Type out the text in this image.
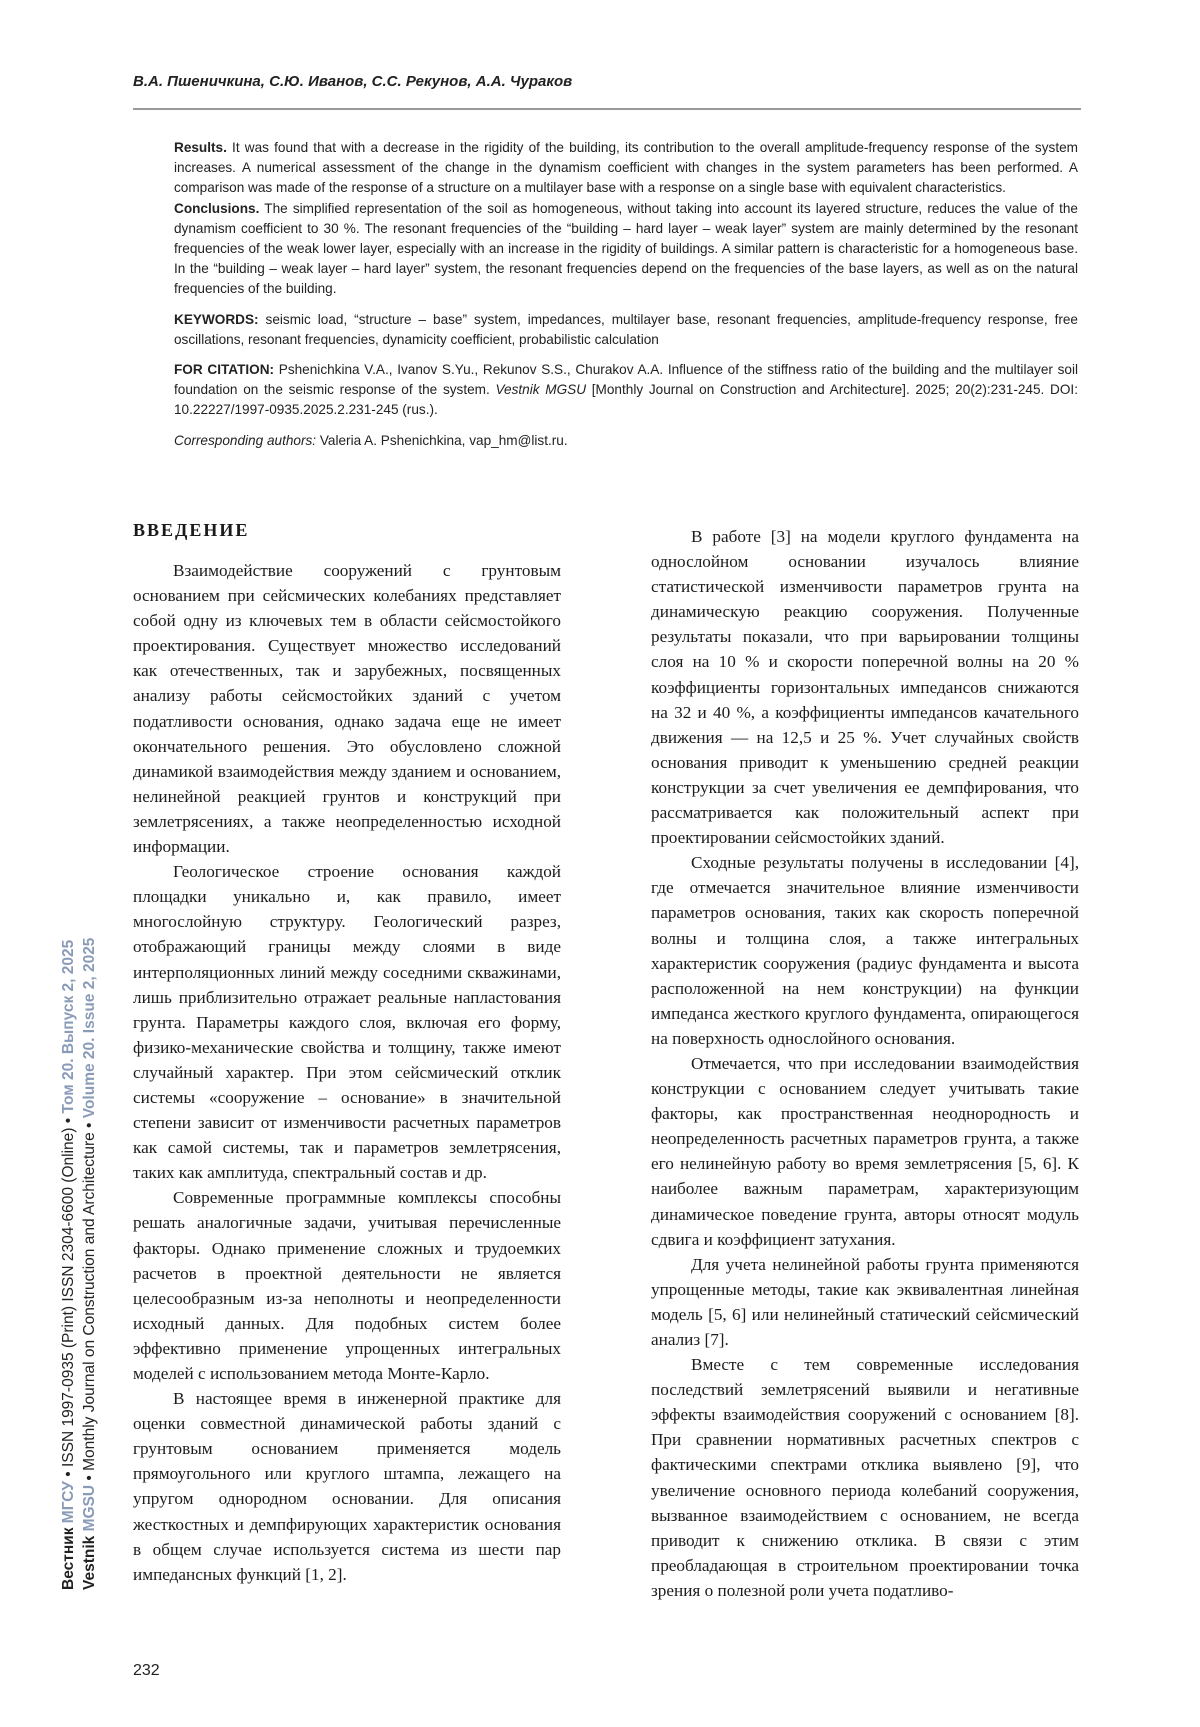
В.А. Пшеничкина, С.Ю. Иванов, С.С. Рекунов, А.А. Чураков

Results. It was found that with a decrease in the rigidity of the building, its contribution to the overall amplitude-frequency response of the system increases. A numerical assessment of the change in the dynamism coefficient with changes in the system parameters has been performed. A comparison was made of the response of a structure on a multilayer base with a response on a single base with equivalent characteristics.

Conclusions. The simplified representation of the soil as homogeneous, without taking into account its layered structure, reduces the value of the dynamism coefficient to 30 %. The resonant frequencies of the “building – hard layer – weak layer” system are mainly determined by the resonant frequencies of the weak lower layer, especially with an increase in the rigidity of buildings. A similar pattern is characteristic for a homogeneous base. In the “building – weak layer – hard layer” system, the resonant frequencies depend on the frequencies of the base layers, as well as on the natural frequencies of the building.

KEYWORDS: seismic load, “structure – base” system, impedances, multilayer base, resonant frequencies, amplitude-frequency response, free oscillations, resonant frequencies, dynamicity coefficient, probabilistic calculation

FOR CITATION: Pshenichkina V.A., Ivanov S.Yu., Rekunov S.S., Churakov A.A. Influence of the stiffness ratio of the building and the multilayer soil foundation on the seismic response of the system. Vestnik MGSU [Monthly Journal on Construction and Architecture]. 2025; 20(2):231-245. DOI: 10.22227/1997-0935.2025.2.231-245 (rus.).

Corresponding authors: Valeria A. Pshenichkina, vap_hm@list.ru.

Вестник МГСУ • ISSN 1997-0935 (Print) ISSN 2304-6600 (Online) • Том 20. Выпуск 2, 2025
Vestnik MGSU • Monthly Journal on Construction and Architecture • Volume 20. Issue 2, 2025
ВВЕДЕНИЕ

Взаимодействие сооружений с грунтовым основанием при сейсмических колебаниях представляет собой одну из ключевых тем в области сейсмостойкого проектирования. Существует множество исследований как отечественных, так и зарубежных, посвященных анализу работы сейсмостойких зданий с учетом податливости основания, однако задача еще не имеет окончательного решения. Это обусловлено сложной динамикой взаимодействия между зданием и основанием, нелинейной реакцией грунтов и конструкций при землетрясениях, а также неопределенностью исходной информации.

Геологическое строение основания каждой площадки уникально и, как правило, имеет многослойную структуру. Геологический разрез, отображающий границы между слоями в виде интерполяционных линий между соседними скважинами, лишь приблизительно отражает реальные напластования грунта. Параметры каждого слоя, включая его форму, физико-механические свойства и толщину, также имеют случайный характер. При этом сейсмический отклик системы «сооружение – основание» в значительной степени зависит от изменчивости расчетных параметров как самой системы, так и параметров землетрясения, таких как амплитуда, спектральный состав и др.

Современные программные комплексы способны решать аналогичные задачи, учитывая перечисленные факторы. Однако применение сложных и трудоемких расчетов в проектной деятельности не является целесообразным из-за неполноты и неопределенности исходный данных. Для подобных систем более эффективно применение упрощенных интегральных моделей с использованием метода Монте-Карло.

В настоящее время в инженерной практике для оценки совместной динамической работы зданий с грунтовым основанием применяется модель прямоугольного или круглого штампа, лежащего на упругом однородном основании. Для описания жесткостных и демпфирующих характеристик основания в общем случае используется система из шести пар импедансных функций [1, 2].

В работе [3] на модели круглого фундамента на однослойном основании изучалось влияние статистической изменчивости параметров грунта на динамическую реакцию сооружения. Полученные результаты показали, что при варьировании толщины слоя на 10 % и скорости поперечной волны на 20 % коэффициенты горизонтальных импедансов снижаются на 32 и 40 %, а коэффициенты импедансов качательного движения — на 12,5 и 25 %. Учет случайных свойств основания приводит к уменьшению средней реакции конструкции за счет увеличения ее демпфирования, что рассматривается как положительный аспект при проектировании сейсмостойких зданий.

Сходные результаты получены в исследовании [4], где отмечается значительное влияние изменчивости параметров основания, таких как скорость поперечной волны и толщина слоя, а также интегральных характеристик сооружения (радиус фундамента и высота расположенной на нем конструкции) на функции импеданса жесткого круглого фундамента, опирающегося на поверхность однослойного основания.

Отмечается, что при исследовании взаимодействия конструкции с основанием следует учитывать такие факторы, как пространственная неоднородность и неопределенность расчетных параметров грунта, а также его нелинейную работу во время землетрясения [5, 6]. К наиболее важным параметрам, характеризующим динамическое поведение грунта, авторы относят модуль сдвига и коэффициент затухания.

Для учета нелинейной работы грунта применяются упрощенные методы, такие как эквивалентная линейная модель [5, 6] или нелинейный статический сейсмический анализ [7].

Вместе с тем современные исследования последствий землетрясений выявили и негативные эффекты взаимодействия сооружений с основанием [8]. При сравнении нормативных расчетных спектров с фактическими спектрами отклика выявлено [9], что увеличение основного периода колебаний сооружения, вызванное взаимодействием с основанием, не всегда приводит к снижению отклика. В связи с этим преобладающая в строительном проектировании точка зрения о полезной роли учета податливо-

232
